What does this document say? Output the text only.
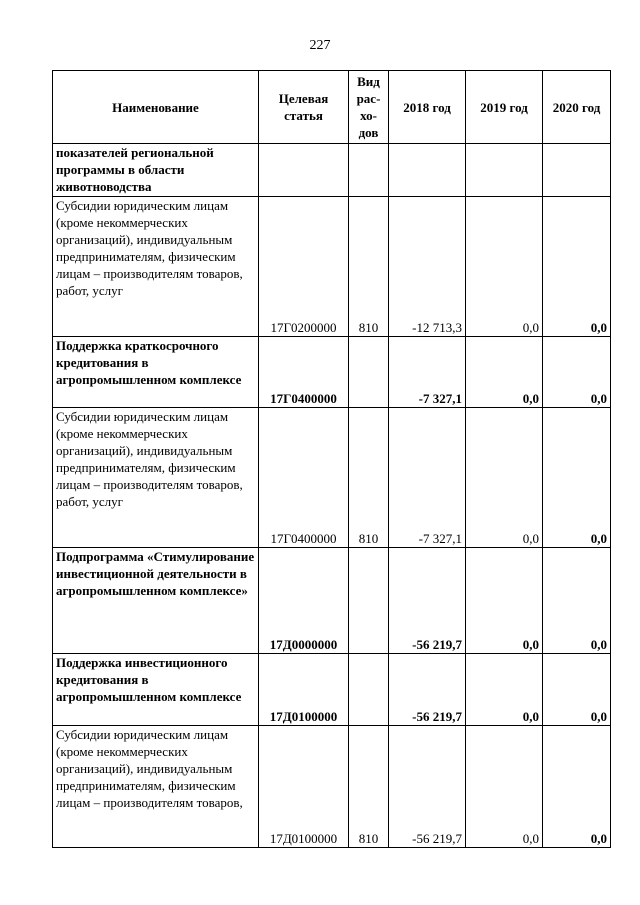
227
Наименование	Целевая статья	Вид рас-хо-дов	2018 год	2019 год	2020 год
показателей региональной программы в области животноводства					
Субсидии юридическим лицам (кроме некоммерческих организаций), индивидуальным предпринимателям, физическим лицам – производителям товаров, работ, услуг	17Г0200000	810	-12 713,3	0,0	0,0
Поддержка краткосрочного кредитования в агропромышленном комплексе	17Г0400000		-7 327,1	0,0	0,0
Субсидии юридическим лицам (кроме некоммерческих организаций), индивидуальным предпринимателям, физическим лицам – производителям товаров, работ, услуг	17Г0400000	810	-7 327,1	0,0	0,0
Подпрограмма «Стимулирование инвестиционной деятельности в агропромышленном комплексе»	17Д0000000		-56 219,7	0,0	0,0
Поддержка инвестиционного кредитования в агропромышленном комплексе	17Д0100000		-56 219,7	0,0	0,0
Субсидии юридическим лицам (кроме некоммерческих организаций), индивидуальным предпринимателям, физическим лицам – производителям товаров,	17Д0100000	810	-56 219,7	0,0	0,0
